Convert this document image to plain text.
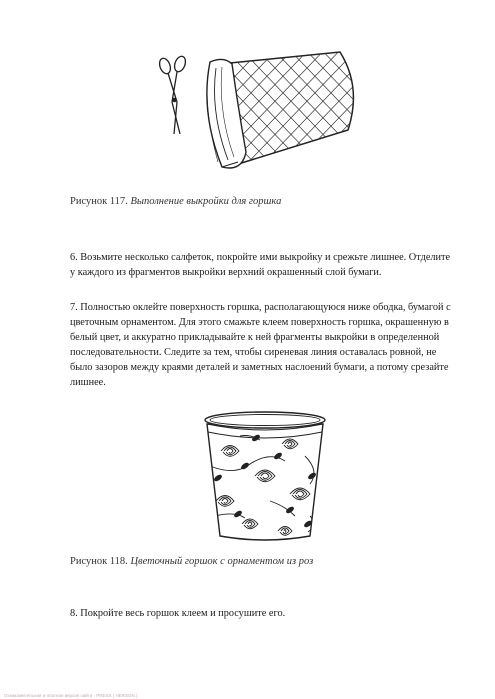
Рисунок 117. Выполнение выкройки для горшка

6. Возьмите несколько салфеток, покройте ими выкройку и срежьте лишнее. Отделите у каждого из фрагментов выкройки верхний окрашенный слой бумаги.

7. Полностью оклейте поверхность горшка, располагающуюся ниже ободка, бумагой с цветочным орнаментом. Для этого смажьте клеем поверхность горшка, окрашенную в белый цвет, и аккуратно прикладывайте к ней фрагменты выкройки в определенной последовательности. Следите за тем, чтобы сиреневая линия оставалась ровной, не было зазоров между краями деталей и заметных наслоений бумаги, а потому срезайте лишнее.

Рисунок 118. Цветочный горшок с орнаментом из роз

8. Покройте весь горшок клеем и просушите его.

Ознакомительная и платная версия сайта · PRESS ( HERSON )
